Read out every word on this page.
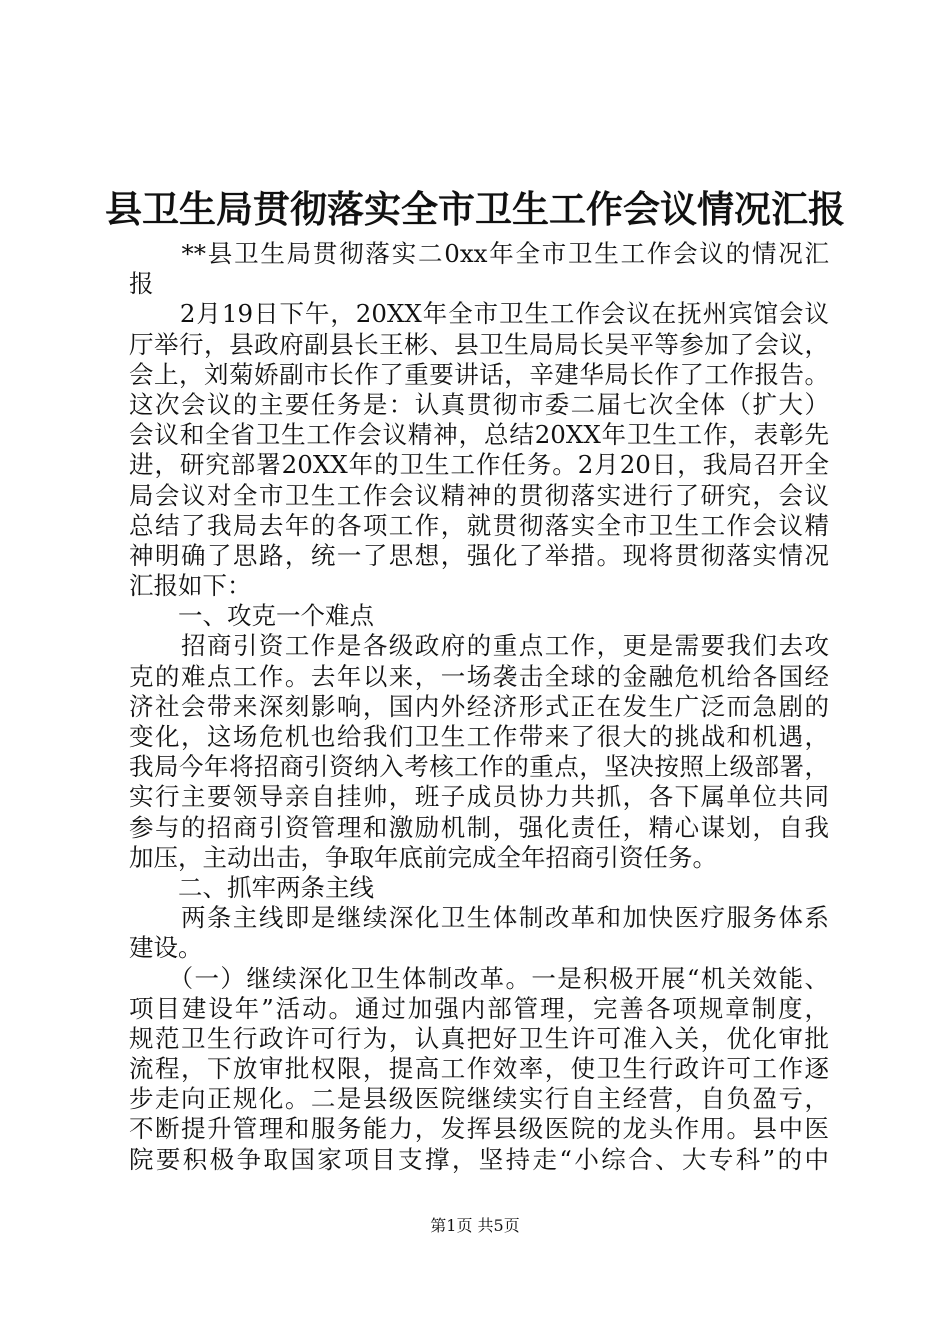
县卫生局贯彻落实全市卫生工作会议情况汇报
　　**县卫生局贯彻落实二0xx年全市卫生工作会议的情况汇
报
　　2月19日下午，20XX年全市卫生工作会议在抚州宾馆会议
厅举行，县政府副县长王彬、县卫生局局长吴平等参加了会议，
会上，刘菊娇副市长作了重要讲话，辛建华局长作了工作报告。
这次会议的主要任务是：认真贯彻市委二届七次全体（扩大）
会议和全省卫生工作会议精神，总结20XX年卫生工作，表彰先
进，研究部署20XX年的卫生工作任务。2月20日，我局召开全
局会议对全市卫生工作会议精神的贯彻落实进行了研究，会议
总结了我局去年的各项工作，就贯彻落实全市卫生工作会议精
神明确了思路，统一了思想，强化了举措。现将贯彻落实情况
汇报如下：
　　一、攻克一个难点
　　招商引资工作是各级政府的重点工作，更是需要我们去攻
克的难点工作。去年以来，一场袭击全球的金融危机给各国经
济社会带来深刻影响，国内外经济形式正在发生广泛而急剧的
变化，这场危机也给我们卫生工作带来了很大的挑战和机遇，
我局今年将招商引资纳入考核工作的重点，坚决按照上级部署，
实行主要领导亲自挂帅，班子成员协力共抓，各下属单位共同
参与的招商引资管理和激励机制，强化责任，精心谋划，自我
加压，主动出击，争取年底前完成全年招商引资任务。
　　二、抓牢两条主线
　　两条主线即是继续深化卫生体制改革和加快医疗服务体系
建设。
　　（一）继续深化卫生体制改革。一是积极开展“机关效能、
项目建设年”活动。通过加强内部管理，完善各项规章制度，
规范卫生行政许可行为，认真把好卫生许可准入关，优化审批
流程，下放审批权限，提高工作效率，使卫生行政许可工作逐
步走向正规化。二是县级医院继续实行自主经营，自负盈亏，
不断提升管理和服务能力，发挥县级医院的龙头作用。县中医
院要积极争取国家项目支撑，坚持走“小综合、大专科”的中
第1页 共5页
